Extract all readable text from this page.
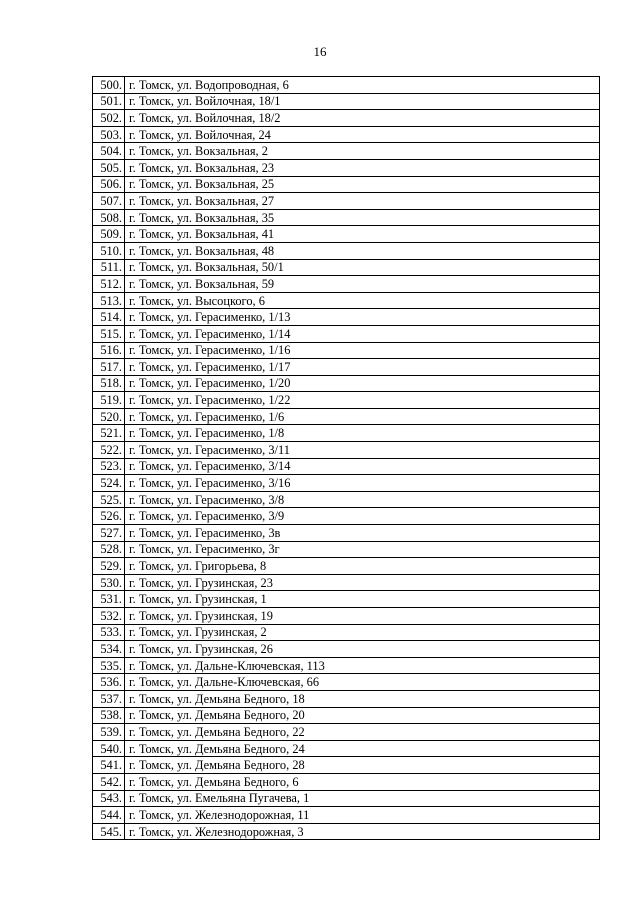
16
500.	г. Томск, ул. Водопроводная, 6
501.	г. Томск, ул. Войлочная, 18/1
502.	г. Томск, ул. Войлочная, 18/2
503.	г. Томск, ул. Войлочная, 24
504.	г. Томск, ул. Вокзальная, 2
505.	г. Томск, ул. Вокзальная, 23
506.	г. Томск, ул. Вокзальная, 25
507.	г. Томск, ул. Вокзальная, 27
508.	г. Томск, ул. Вокзальная, 35
509.	г. Томск, ул. Вокзальная, 41
510.	г. Томск, ул. Вокзальная, 48
511.	г. Томск, ул. Вокзальная, 50/1
512.	г. Томск, ул. Вокзальная, 59
513.	г. Томск, ул. Высоцкого, 6
514.	г. Томск, ул. Герасименко, 1/13
515.	г. Томск, ул. Герасименко, 1/14
516.	г. Томск, ул. Герасименко, 1/16
517.	г. Томск, ул. Герасименко, 1/17
518.	г. Томск, ул. Герасименко, 1/20
519.	г. Томск, ул. Герасименко, 1/22
520.	г. Томск, ул. Герасименко, 1/6
521.	г. Томск, ул. Герасименко, 1/8
522.	г. Томск, ул. Герасименко, 3/11
523.	г. Томск, ул. Герасименко, 3/14
524.	г. Томск, ул. Герасименко, 3/16
525.	г. Томск, ул. Герасименко, 3/8
526.	г. Томск, ул. Герасименко, 3/9
527.	г. Томск, ул. Герасименко, 3в
528.	г. Томск, ул. Герасименко, 3г
529.	г. Томск, ул. Григорьева, 8
530.	г. Томск, ул. Грузинская, 23
531.	г. Томск, ул. Грузинская, 1
532.	г. Томск, ул. Грузинская, 19
533.	г. Томск, ул. Грузинская, 2
534.	г. Томск, ул. Грузинская, 26
535.	г. Томск, ул. Дальне-Ключевская, 113
536.	г. Томск, ул. Дальне-Ключевская, 66
537.	г. Томск, ул. Демьяна Бедного, 18
538.	г. Томск, ул. Демьяна Бедного, 20
539.	г. Томск, ул. Демьяна Бедного, 22
540.	г. Томск, ул. Демьяна Бедного, 24
541.	г. Томск, ул. Демьяна Бедного, 28
542.	г. Томск, ул. Демьяна Бедного, 6
543.	г. Томск, ул. Емельяна Пугачева, 1
544.	г. Томск, ул. Железнодорожная, 11
545.	г. Томск, ул. Железнодорожная, 3
